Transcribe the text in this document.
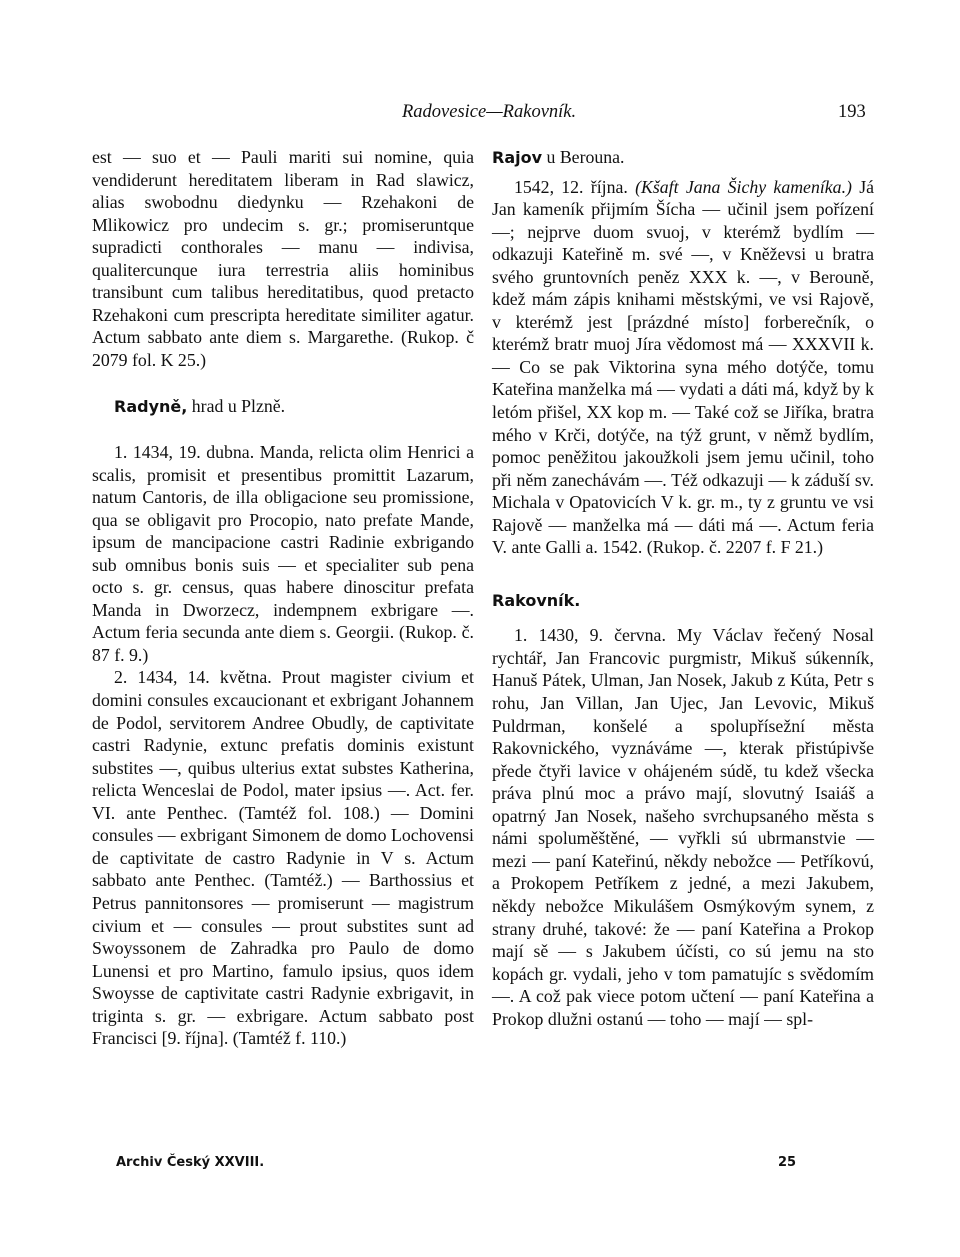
Radovesice—Rakovník.	193

est — suo et — Pauli mariti sui nomine, quia vendiderunt hereditatem liberam in Rad slawicz, alias swobodnu diedynku — Rzehakoni de Mlikowicz pro undecim s. gr.; promiseruntque supradicti conthorales — manu — indivisa, qualitercunque iura terrestria aliis hominibus transibunt cum talibus hereditatibus, quod pretacto Rzehakoni cum prescripta hereditate similiter agatur. Actum sabbato ante diem s. Margarethe. (Rukop. č 2079 fol. K 25.)

Radyně, hrad u Plzně.

1. 1434, 19. dubna. Manda, relicta olim Henrici a scalis, promisit et presentibus promittit Lazarum, natum Cantoris, de illa obligacione seu promissione, qua se obligavit pro Procopio, nato prefate Mande, ipsum de mancipacione castri Radinie exbrigando sub omnibus bonis suis — et specialiter sub pena octo s. gr. census, quas habere dinoscitur prefata Manda in Dworzecz, indempnem exbrigare —. Actum feria secunda ante diem s. Georgii. (Rukop. č. 87 f. 9.)

2. 1434, 14. května. Prout magister civium et domini consules excaucionant et exbrigant Johannem de Podol, servitorem Andree Obudly, de captivitate castri Radynie, extunc prefatis dominis existunt substites —, quibus ulterius extat substes Katherina, relicta Wenceslai de Podol, mater ipsius —. Act. fer. VI. ante Penthec. (Tamtéž fol. 108.) — Domini consules — exbrigant Simonem de domo Lochovensi de captivitate de castro Radynie in V s. Actum sabbato ante Penthec. (Tamtéž.) — Barthossius et Petrus pannitonsores — promiserunt — magistrum civium et — consules — prout substites sunt ad Swoyssonem de Zahradka pro Paulo de domo Lunensi et pro Martino, famulo ipsius, quos idem Swoysse de captivitate castri Radynie exbrigavit, in triginta s. gr. — exbrigare. Actum sabbato post Francisci [9. října]. (Tamtéž f. 110.)

Rajov u Berouna.

1542, 12. října. (Kšaft Jana Šichy kameníka.) Já Jan kameník přijmím Šícha — učinil jsem pořízení —; nejprve duom svuoj, v kterémž bydlím — odkazuji Kateřině m. své —, v Kněževsi u bratra svého gruntovních peněz XXX k. —, v Berouně, kdež mám zápis knihami městskými, ve vsi Rajově, v kterémž jest [prázdné místo] forberečník, o kterémž bratr muoj Jíra vědomost má — XXXVII k. — Co se pak Viktorina syna mého dotýče, tomu Kateřina manželka má — vydati a dáti má, když by k letóm přišel, XX kop m. — Také což se Jiříka, bratra mého v Krči, dotýče, na týž grunt, v němž bydlím, pomoc peněžitou jakoužkoli jsem jemu učinil, toho při něm zanechávám —. Též odkazuji — k záduší sv. Michala v Opatovicích V k. gr. m., ty z gruntu ve vsi Rajově — manželka má — dáti má —. Actum feria V. ante Galli a. 1542. (Rukop. č. 2207 f. F 21.)

Rakovník.

1. 1430, 9. června. My Václav řečený Nosal rychtář, Jan Francovic purgmistr, Mikuš súkenník, Hanuš Pátek, Ulman, Jan Nosek, Jakub z Kúta, Petr s rohu, Jan Villan, Jan Ujec, Jan Levovic, Mikuš Puldrman, konšelé a spolupřísežní města Rakovnického, vyznáváme —, kterak přistúpivše přede čtyři lavice v ohájeném súdě, tu kdež všecka práva plnú moc a právo mají, slovutný Isaiáš a opatrný Jan Nosek, našeho svrchupsaného města s námi spoluměštěné, — vyřkli sú ubrmanstvie — mezi — paní Kateřinú, někdy nebožce — Petříkovú, a Prokopem Petříkem z jedné, a mezi Jakubem, někdy nebožce Mikulášem Osmýkovým synem, z strany druhé, takové: že — paní Kateřina a Prokop mají sě — s Jakubem účísti, co sú jemu na sto kopách gr. vydali, jeho v tom pamatujíc s svědomím —. A což pak viece potom učtení — paní Kateřina a Prokop dlužni ostanú — toho — mají — spl-

Archiv Český XXVIII.	25
